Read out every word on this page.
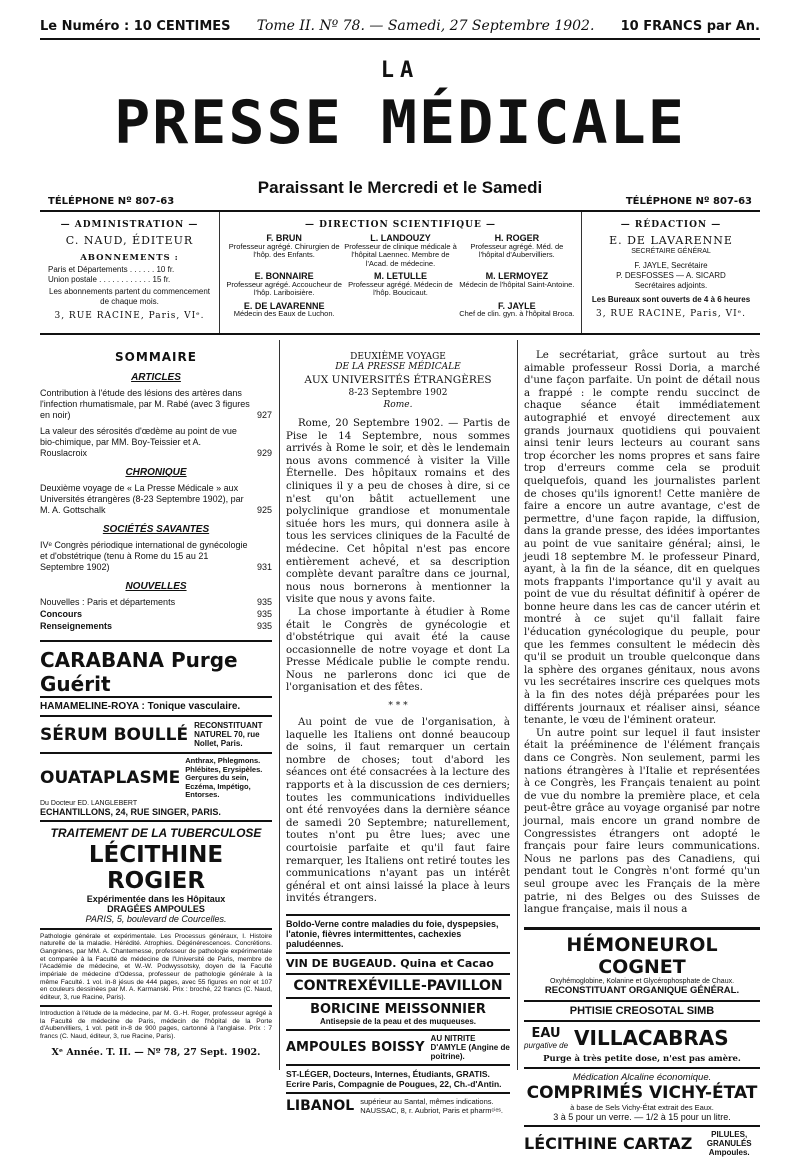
Le Numéro : 10 CENTIMES Tome II. Nº 78. — Samedi, 27 Septembre 1902. 10 FRANCS par An.
LA
PRESSE MÉDICALE
Paraissant le Mercredi et le Samedi
TÉLÉPHONE Nº 807-63	TÉLÉPHONE Nº 807-63
— ADMINISTRATION —
C. NAUD, ÉDITEUR
ABONNEMENTS :
Paris et Départements . . . . . . 10 fr.
Union postale . . . . . . . . . . . . 15 fr.
Les abonnements partent du commencement de chaque mois.
3, RUE RACINE, Paris, VIᵉ.
— DIRECTION SCIENTIFIQUE —
F. BRUN
Professeur agrégé. Chirurgien de l'hôp. des Enfants.
L. LANDOUZY
Professeur de clinique médicale à l'hôpital Laennec. Membre de l'Acad. de médecine.
H. ROGER
Professeur agrégé. Méd. de l'hôpital d'Aubervilliers.
E. BONNAIRE
Professeur agrégé. Accoucheur de l'hôp. Lariboisière.
M. LETULLE
Professeur agrégé. Médecin de l'hôp. Boucicaut.
M. LERMOYEZ
Médecin de l'hôpital Saint-Antoine.
E. DE LAVARENNE
Médecin des Eaux de Luchon.
F. JAYLE
Chef de clin. gyn. à l'hôpital Broca.
— RÉDACTION —
E. DE LAVARENNE
SECRÉTAIRE GÉNÉRAL
F. JAYLE, Secrétaire
P. DESFOSSES — A. SICARD
Secrétaires adjoints.
Les Bureaux sont ouverts de 4 à 6 heures
3, RUE RACINE, Paris, VIᵉ.
SOMMAIRE
ARTICLES
Contribution à l'étude des lésions des artères dans l'infection rhumatismale, par M. Rabé (avec 3 figures en noir)	927
La valeur des sérosités d'œdème au point de vue bio-chimique, par MM. Boy-Teissier et A. Rouslacroix	929
CHRONIQUE
Deuxième voyage de « La Presse Médicale » aux Universités étrangères (8-23 Septembre 1902), par M. A. Gottschalk	925
SOCIÉTÉS SAVANTES
IVᵉ Congrès périodique international de gynécologie et d'obstétrique (tenu à Rome du 15 au 21 Septembre 1902)	931
NOUVELLES
Nouvelles : Paris et départements	935
Concours	935
Renseignements	935
CARABANA Purge Guérit
HAMAMELINE-ROYA : Tonique vasculaire.
SÉRUM BOULLÉ RECONSTITUANT NATUREL 70, rue Nollet, Paris.
OUATAPLASME
Anthrax, Phlegmons. Phlébites, Erysipèles. Gerçures du sein, Eczéma, Impétigo, Entorses.
Du Docteur ED. LANGLEBERT
ECHANTILLONS, 24, RUE SINGER, PARIS.
TRAITEMENT DE LA TUBERCULOSE
LÉCITHINE ROGIER
Expérimentée dans les Hôpitaux
DRAGÉES AMPOULES
PARIS, 5, boulevard de Courcelles.
Pathologie générale et expérimentale. Les Processus généraux, I. Histoire naturelle de la maladie. Hérédité. Atrophies. Dégénérescences. Concrétions. Gangrènes, par MM. A. Chantemesse, professeur de pathologie expérimentale et comparée à la Faculté de médecine de l'Université de Paris, membre de l'Académie de médecine, et W.-W. Podwyssotsky, doyen de la Faculté impériale de médecine d'Odessa, professeur de pathologie générale à la même Faculté. 1 vol. in-8 jésus de 444 pages, avec 55 figures en noir et 107 en couleurs dessinées par M. A. Karmanski. Prix : broché, 22 francs (C. Naud, éditeur, 3, rue Racine, Paris).
Introduction à l'étude de la médecine, par M. G.-H. Roger, professeur agrégé à la Faculté de médecine de Paris, médecin de l'hôpital de la Porte d'Aubervilliers, 1 vol. petit in-8 de 900 pages, cartonné à l'anglaise. Prix : 7 francs (C. Naud, éditeur, 3, rue Racine, Paris).
Xᵉ Année. T. II. — Nº 78, 27 Sept. 1902.
DEUXIÈME VOYAGE
DE LA PRESSE MÉDICALE
AUX UNIVERSITÉS ÉTRANGÈRES
8-23 Septembre 1902
Rome.

Rome, 20 Septembre 1902. — Partis de Pise le 14 Septembre, nous sommes arrivés à Rome le soir, et dès le lendemain nous avons commencé à visiter la Ville Éternelle. Des hôpitaux romains et des cliniques il y a peu de choses à dire, si ce n'est qu'on bâtit actuellement une polyclinique grandiose et monumentale située hors les murs, qui donnera asile à tous les services cliniques de la Faculté de médecine. Cet hôpital n'est pas encore entièrement achevé, et sa description complète devant paraître dans ce journal, nous nous bornerons à mentionner la visite que nous y avons faite.

La chose importante à étudier à Rome était le Congrès de gynécologie et d'obstétrique qui avait été la cause occasionnelle de notre voyage et dont La Presse Médicale publie le compte rendu. Nous ne parlerons donc ici que de l'organisation et des fêtes.

* * *

Au point de vue de l'organisation, à laquelle les Italiens ont donné beaucoup de soins, il faut remarquer un certain nombre de choses; tout d'abord les séances ont été consacrées à la lecture des rapports et à la discussion de ces derniers; toutes les communications individuelles ont été renvoyées dans la dernière séance de samedi 20 Septembre; naturellement, toutes n'ont pu être lues; avec une courtoisie parfaite et qu'il faut faire remarquer, les Italiens ont retiré toutes les communications n'ayant pas un intérêt général et ont ainsi laissé la place à leurs invités étrangers.

Boldo-Verne contre maladies du foie, dyspepsies, l'atonie, fièvres intermittentes, cachexies paludéennes.
VIN DE BUGEAUD. Quina et Cacao
CONTREXÉVILLE-PAVILLON
BORICINE MEISSONNIER
Antisepsie de la peau et des muqueuses.
AMPOULES BOISSY
AU NITRITE D'AMYLE (Angine de poitrine).
ST-LÉGER, Docteurs, Internes, Étudiants, GRATIS. Ecrire Paris, Compagnie de Pougues, 22, Ch.-d'Antin.
LIBANOL supérieur au Santal, mêmes indications. NAUSSAC, 8, r. Aubriot, Paris et pharmᶜⁱᵉˢ.

Le secrétariat, grâce surtout au très aimable professeur Rossi Doria, a marché d'une façon parfaite. Un point de détail nous a frappé : le compte rendu succinct de chaque séance était immédiatement autographié et envoyé directement aux grands journaux quotidiens qui pouvaient ainsi tenir leurs lecteurs au courant sans trop écorcher les noms propres et sans faire trop d'erreurs comme cela se produit quelquefois, quand les journalistes parlent de choses qu'ils ignorent! Cette manière de faire a encore un autre avantage, c'est de permettre, d'une façon rapide, la diffusion, dans la grande presse, des idées importantes au point de vue sanitaire général; ainsi, le jeudi 18 septembre M. le professeur Pinard, ayant, à la fin de la séance, dit en quelques mots frappants l'importance qu'il y avait au point de vue du résultat définitif à opérer de bonne heure dans les cas de cancer utérin et montré à ce sujet qu'il fallait faire l'éducation gynécologique du peuple, pour que les femmes consultent le médecin dès qu'il se produit un trouble quelconque dans la sphère des organes génitaux, nous avons vu les secrétaires inscrire ces quelques mots à la fin des notes déjà préparées pour les différents journaux et réaliser ainsi, séance tenante, le vœu de l'éminent orateur.

Un autre point sur lequel il faut insister était la prééminence de l'élément français dans ce Congrès. Non seulement, parmi les nations étrangères à l'Italie et représentées à ce Congrès, les Français tenaient au point de vue du nombre la première place, et cela peut-être grâce au voyage organisé par notre journal, mais encore un grand nombre de Congressistes étrangers ont adopté le français pour faire leurs communications. Nous ne parlons pas des Canadiens, qui pendant tout le Congrès n'ont formé qu'un seul groupe avec les Français de la mère patrie, ni des Belges ou des Suisses de langue française, mais il nous a

HÉMONEUROL COGNET
Oxyhémoglobine, Kolanine et Glycérophosphate de Chaux.
RECONSTITUANT ORGANIQUE GÉNÉRAL.
PHTISIE CREOSOTAL SIMB
EAU
purgative de VILLACABRAS
Purge à très petite dose, n'est pas amère.
Médication Alcaline économique.
COMPRIMÉS VICHY-ÉTAT
à base de Sels Vichy-État extrait des Eaux.
3 à 5 pour un verre. — 1/2 à 15 pour un litre.
LÉCITHINE CARTAZ	PILULES, GRANULÉS Ampoules.
